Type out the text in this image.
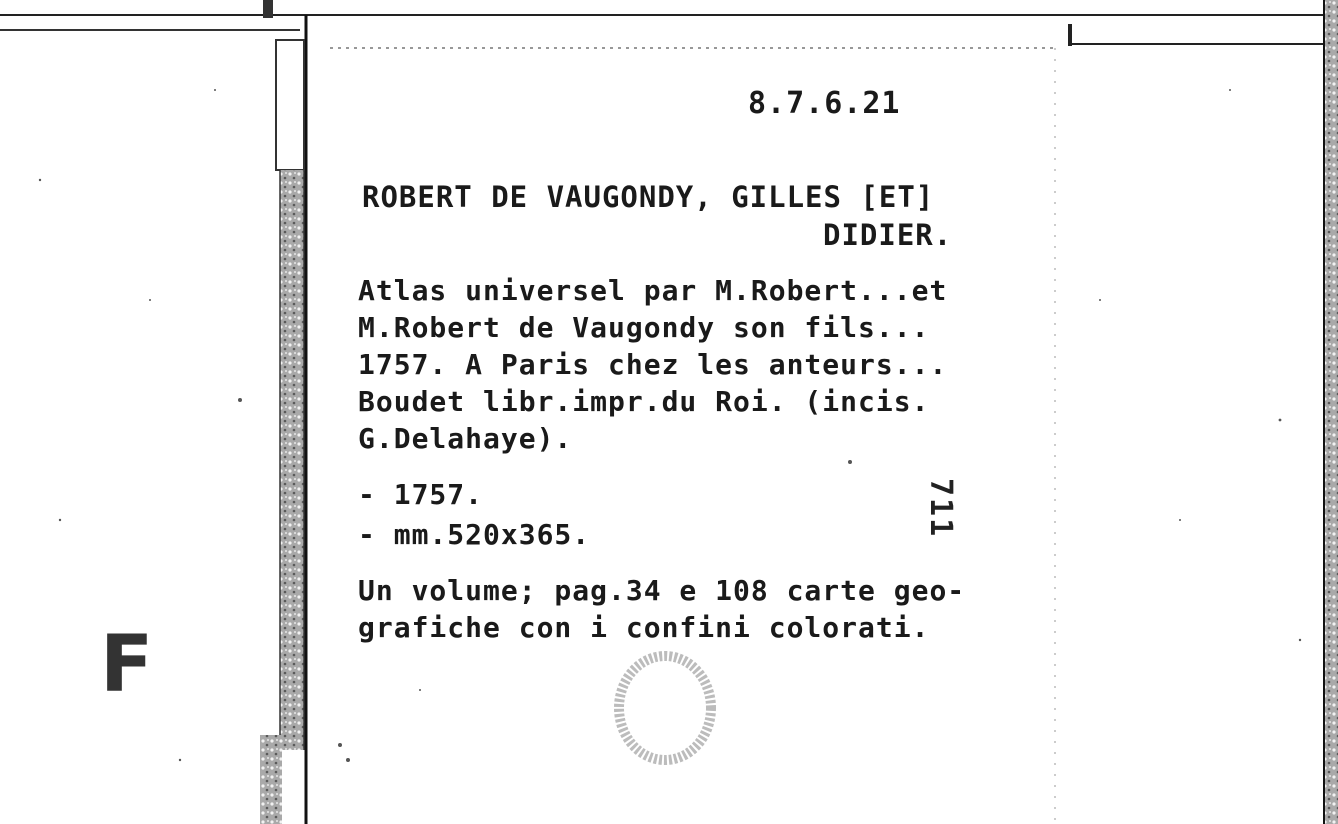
F
8.7.6.21
ROBERT DE VAUGONDY, GILLES [ET]
DIDIER.
Atlas universel par M.Robert...et
M.Robert de Vaugondy son fils...
1757. A Paris chez les anteurs...
Boudet libr.impr.du Roi. (incis.
G.Delahaye).
- 1757.
- mm.520x365.
Un volume; pag.34 e 108 carte geo-
grafiche con i confini colorati.
711
